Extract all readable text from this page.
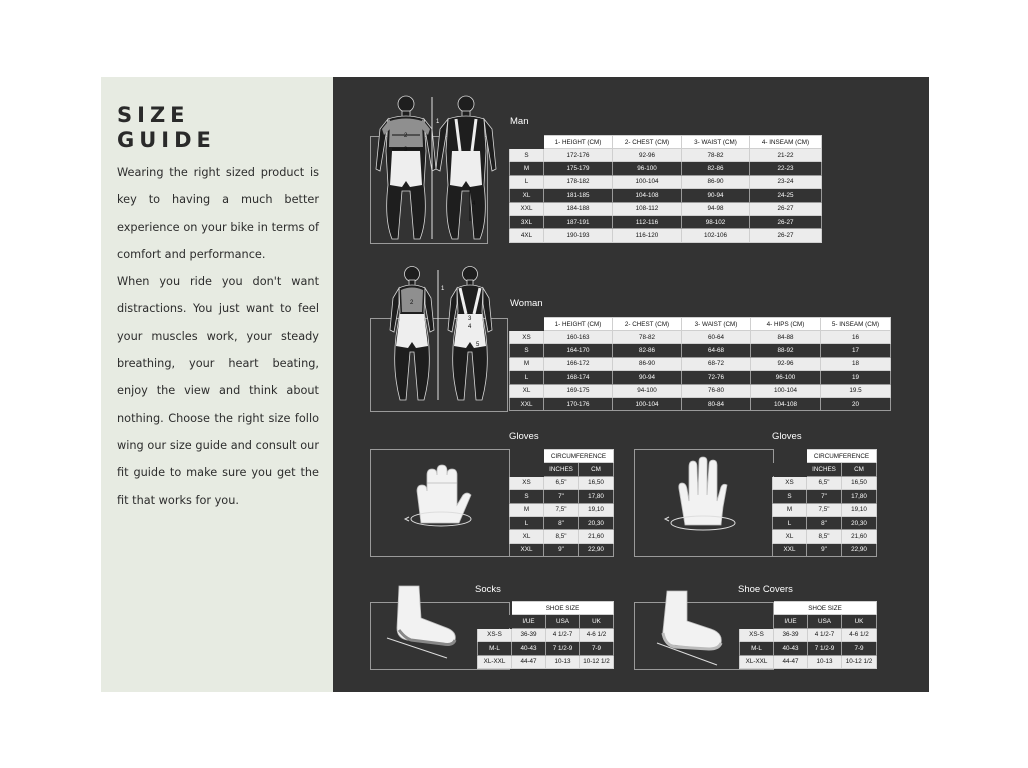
SIZE
GUIDE

Wearing the right sized product is key to having a much better experience on your bike in terms of comfort and performance.

When you ride you don't want distractions. You just want to feel your muscles work, your steady breathing, your heart beating, enjoy the view and think about nothing. Choose the right size follo wing our size guide and consult our fit guide to make sure you get the fit that works for you.

1
2
3
4
Man
	1- HEIGHT (CM)	2- CHEST (CM)	3- WAIST (CM)	4- INSEAM (CM)
S	172-176	92-96	78-82	21-22
M	175-179	96-100	82-86	22-23
L	178-182	100-104	86-90	23-24
XL	181-185	104-108	90-94	24-25
XXL	184-188	108-112	94-98	26-27
3XL	187-191	112-116	98-102	26-27
4XL	190-193	116-120	102-106	26-27
1
2
3
4
5
Woman
	1- HEIGHT (CM)	2- CHEST (CM)	3- WAIST (CM)	4- HIPS (CM)	5- INSEAM (CM)
XS	160-163	78-82	60-64	84-88	16
S	164-170	82-86	64-68	88-92	17
M	166-172	86-90	68-72	92-96	18
L	168-174	90-94	72-76	96-100	19
XL	169-175	94-100	76-80	100-104	19.5
XXL	170-176	100-104	80-84	104-108	20
Gloves
	CIRCUMFERENCE	
	INCHES	CM
XS	6,5"	16,50
S	7"	17,80
M	7,5"	19,10
L	8"	20,30
XL	8,5"	21,60
XXL	9"	22,90
Gloves
	CIRCUMFERENCE	
	INCHES	CM
XS	6,5"	16,50
S	7"	17,80
M	7,5"	19,10
L	8"	20,30
XL	8,5"	21,60
XXL	9"	22,90
Socks
	SHOE SIZE		
	I/UE	USA	UK
XS-S	36-39	4 1/2-7	4-6 1/2
M-L	40-43	7 1/2-9	7-9
XL-XXL	44-47	10-13	10-12 1/2
Shoe Covers
	SHOE SIZE		
	I/UE	USA	UK
XS-S	36-39	4 1/2-7	4-6 1/2
M-L	40-43	7 1/2-9	7-9
XL-XXL	44-47	10-13	10-12 1/2
